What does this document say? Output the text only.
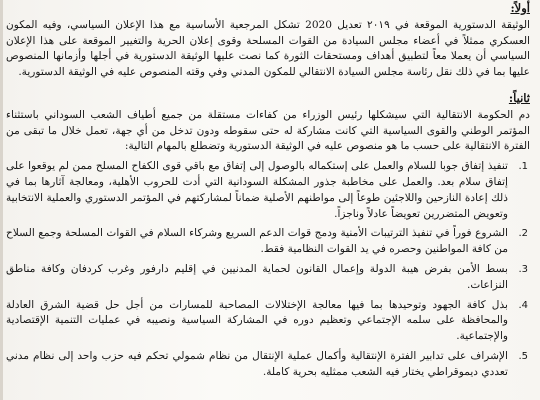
أولاً:

الوثيقة الدستورية الموقعة في ٢٠١٩ تعديل 2020 تشكل المرجعية الأساسية مع هذا الإعلان السياسي، وفيه المكون العسكري ممثلاً في أعضاء مجلس السيادة من القوات المسلحة وقوى إعلان الحرية والتغيير الموقعة على هذا الإعلان السياسي أن يعملا معاً لتطبيق أهداف ومستحقات الثورة كما نصت عليها الوثيقة الدستورية في أجلها وأزمانها المنصوص عليها بما في ذلك نقل رئاسة مجلس السيادة الانتقالي للمكون المدني وفي وقته المنصوص عليه في الوثيقة الدستورية.

ثانياً:

دم الحكومة الانتقالية التي سيشكلها رئيس الوزراء من كفاءات مستقلة من جميع أطياف الشعب السوداني باستثناء المؤتمر الوطني والقوى السياسية التي كانت مشاركة له حتى سقوطه ودون تدخل من أي جهة، تعمل خلال ما تبقى من الفترة الانتقالية على حسب ما هو منصوص عليه في الوثيقة الدستورية وتضطلع بالمهام التالية:

1.
تنفيذ إتفاق جوبا للسلام والعمل على إستكماله بالوصول إلى إتفاق مع باقي قوى الكفاح المسلح ممن لم يوقعوا على إتفاق سلام بعد. والعمل على مخاطبة جذور المشكلة السودانية التي أدت للحروب الأهلية، ومعالجة آثارها بما في ذلك إعادة النازحين واللاجئين طوعاً إلى مواطنهم الأصلية ضماناً لمشاركتهم في المؤتمر الدستوري والعملية الانتخابية وتعويض المتضررين تعويضاً عادلاً وناجزاً.
2.
الشروع فوراً في تنفيذ الترتيبات الأمنية ودمج قوات الدعم السريع وشركاء السلام في القوات المسلحة وجمع السلاح من كافة المواطنين وحصره في يد القوات النظامية فقط.
3.
بسط الأمن بفرض هيبة الدولة وإعمال القانون لحماية المدنيين في إقليم دارفور وغرب كردفان وكافة مناطق النزاعات.
4.
بذل كافة الجهود وتوحيدها بما فيها معالجة الإختلالات المصاحبة للمسارات من أجل حل قضية الشرق العادلة والمحافظة على سلمه الإجتماعي وتعظيم دوره في المشاركة السياسية ونصيبه في عمليات التنمية الإقتصادية والإجتماعية.
5.
الإشراف على تدابير الفترة الإنتقالية وأكمال عملية الإنتقال من نظام شمولي تحكم فيه حزب واحد إلى نظام مدني تعددي ديموقراطي يختار فيه الشعب ممثليه بحرية كاملة.
